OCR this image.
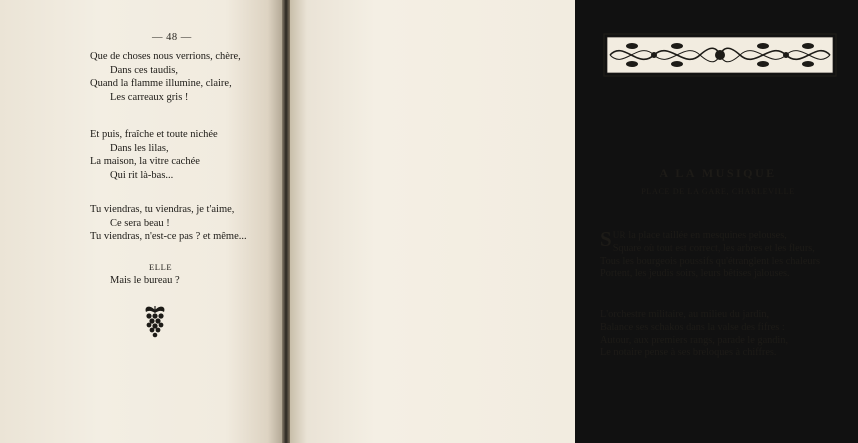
— 48 —
Que de choses nous verrions, chère,
Dans ces taudis,
Quand la flamme illumine, claire,
Les carreaux gris !
Et puis, fraîche et toute nichée
Dans les lilas,
La maison, la vitre cachée
Qui rit là-bas...
Tu viendras, tu viendras, je t'aime,
Ce sera beau !
Tu viendras, n'est-ce pas ? et même...
ELLE
Mais le bureau ?
A LA MUSIQUE
PLACE DE LA GARE, CHARLEVILLE
SUR la place taillée en mesquines pelouses,
Square où tout est correct, les arbres et les fleurs,
Tous les bourgeois poussifs qu'étranglent les chaleurs
Portent, les jeudis soirs, leurs bêtises jalouses.
L'orchestre militaire, au milieu du jardin,
Balance ses schakos dans la valse des fifres :
Autour, aux premiers rangs, parade le gandin,
Le notaire pense à ses breloques à chiffres.
